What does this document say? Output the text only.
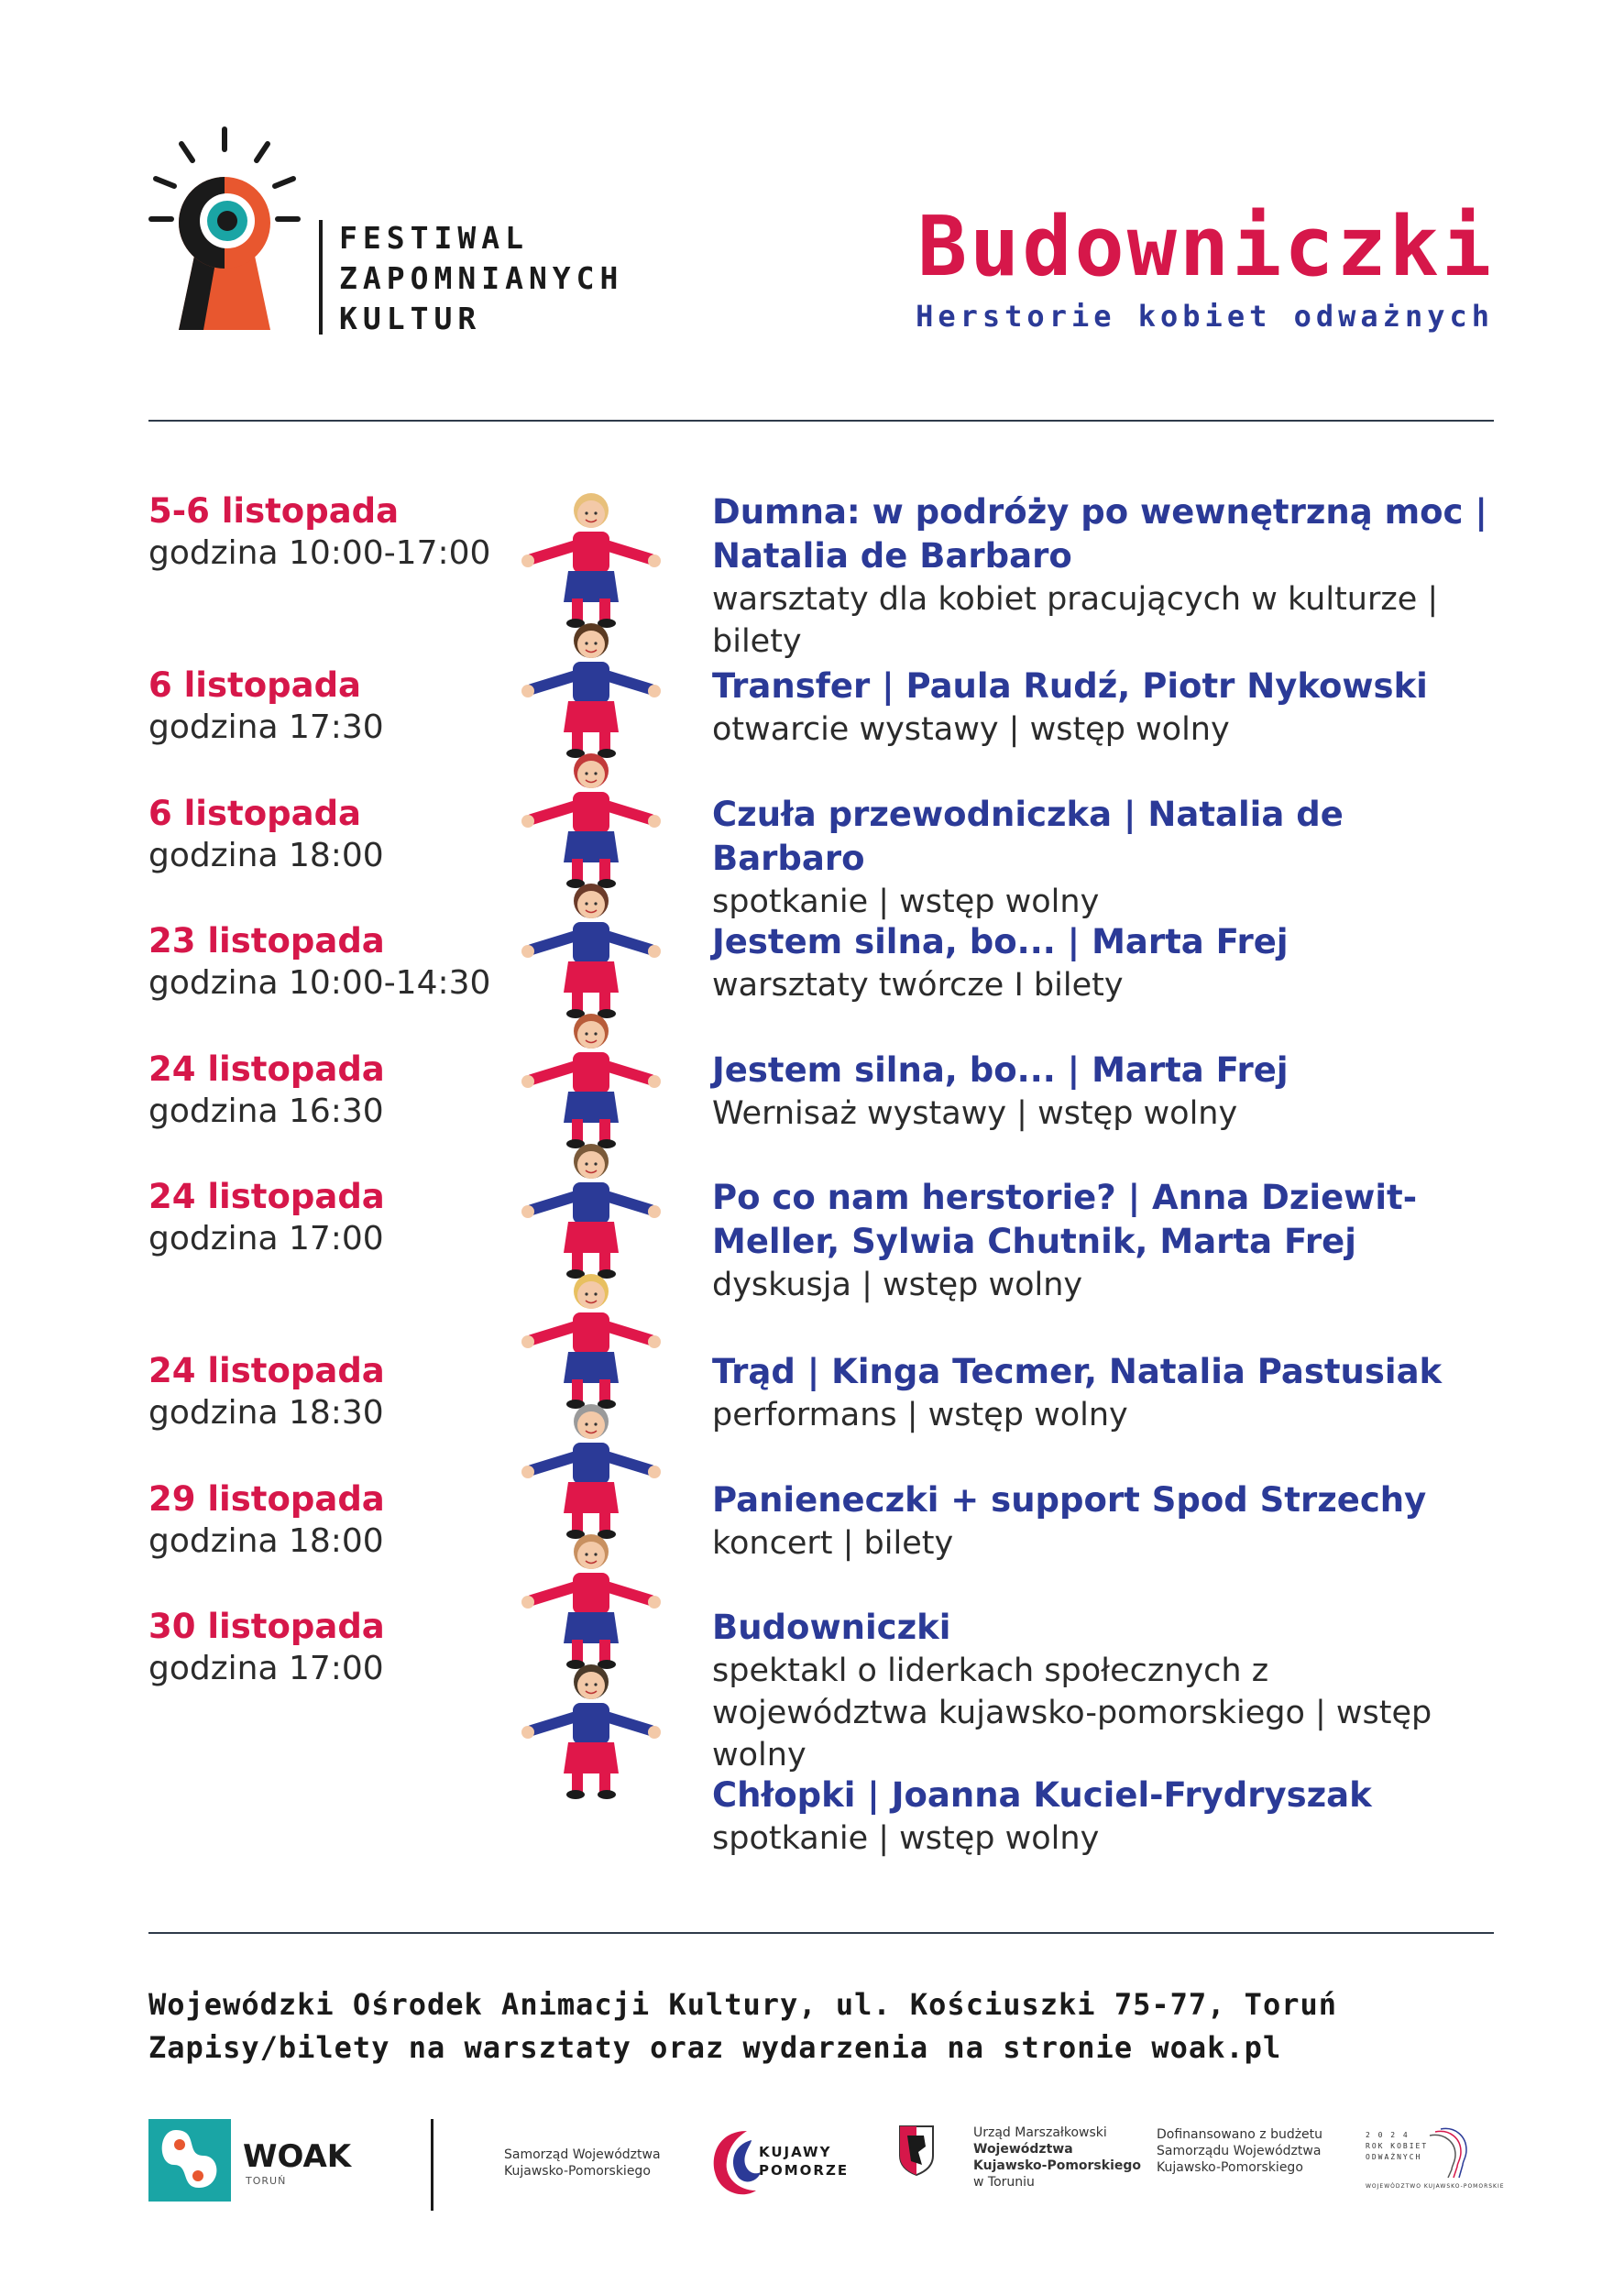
FESTIWAL
ZAPOMNIANYCH
KULTUR
Budowniczki
Herstorie kobiet odważnych
5-6 listopada
godzina 10:00-17:00
Dumna: w podróży po wewnętrzną moc | Natalia de Barbaro
warsztaty dla kobiet pracujących w kulturze | bilety
6 listopada
godzina 17:30
Transfer | Paula Rudź, Piotr Nykowski
otwarcie wystawy | wstęp wolny
6 listopada
godzina 18:00
Czuła przewodniczka | Natalia de Barbaro
spotkanie | wstęp wolny
23 listopada
godzina 10:00-14:30
Jestem silna, bo... | Marta Frej
warsztaty twórcze I bilety
24 listopada
godzina 16:30
Jestem silna, bo... | Marta Frej
Wernisaż wystawy | wstęp wolny
24 listopada
godzina 17:00
Po co nam herstorie? | Anna Dziewit-Meller, Sylwia Chutnik, Marta Frej
dyskusja | wstęp wolny
24 listopada
godzina 18:30
Trąd | Kinga Tecmer, Natalia Pastusiak
performans | wstęp wolny
29 listopada
godzina 18:00
Panieneczki + support Spod Strzechy
koncert | bilety
30 listopada
godzina 17:00
Budowniczki
spektakl o liderkach społecznych z województwa kujawsko-pomorskiego | wstęp wolny
Chłopki | Joanna Kuciel-Frydryszak
spotkanie | wstęp wolny
Wojewódzki Ośrodek Animacji Kultury, ul. Kościuszki 75-77, Toruń
Zapisy/bilety na warsztaty oraz wydarzenia na stronie woak.pl
WOAK
TORUŃ
Samorząd Województwa
Kujawsko-Pomorskiego
KUJAWY
POMORZE
Urząd Marszałkowski
Województwa
Kujawsko-Pomorskiego
w Toruniu
Dofinansowano z budżetu
Samorządu Województwa
Kujawsko-Pomorskiego
2 0 2 4
ROK KOBIET
ODWAŻNYCH
WOJEWÓDZTWO KUJAWSKO-POMORSKIE
